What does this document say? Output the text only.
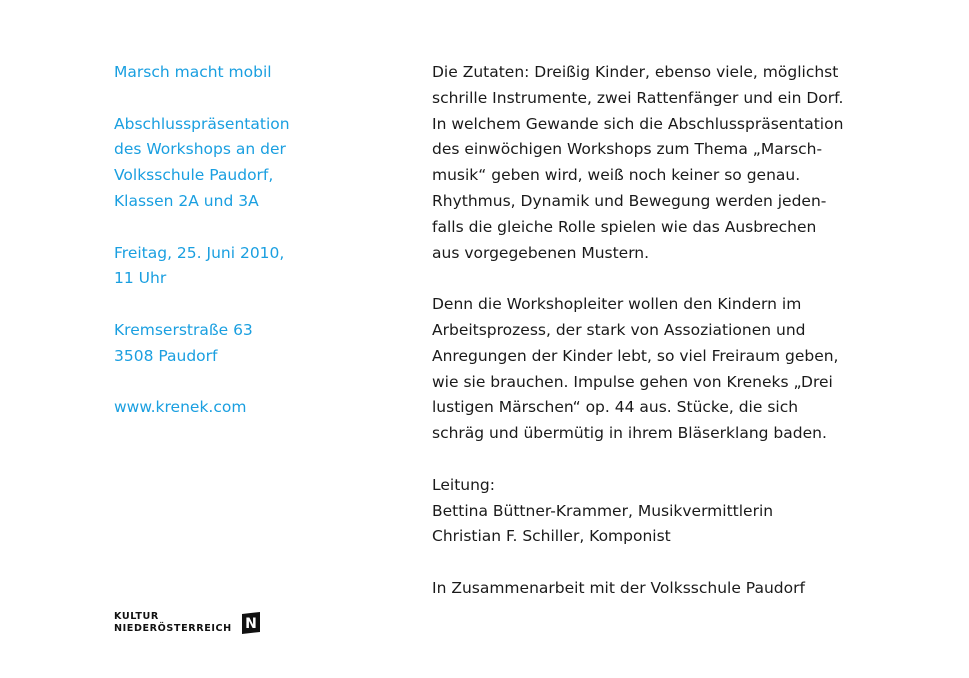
Marsch macht mobil
Abschlusspräsentation
des Workshops an der
Volksschule Paudorf,
Klassen 2A und 3A
Freitag, 25. Juni 2010,
11 Uhr
Kremserstraße 63
3508 Paudorf
www.krenek.com
Die Zutaten: Dreißig Kinder, ebenso viele, möglichst
schrille Instrumente, zwei Rattenfänger und ein Dorf.
In welchem Gewande sich die Abschlusspräsentation
des einwöchigen Workshops zum Thema „Marsch-
musik“ geben wird, weiß noch keiner so genau.
Rhythmus, Dynamik und Bewegung werden jeden-
falls die gleiche Rolle spielen wie das Ausbrechen
aus vorgegebenen Mustern.
Denn die Workshopleiter wollen den Kindern im
Arbeitsprozess, der stark von Assoziationen und
Anregungen der Kinder lebt, so viel Freiraum geben,
wie sie brauchen. Impulse gehen von Kreneks „Drei
lustigen Märschen“ op. 44 aus. Stücke, die sich
schräg und übermütig in ihrem Bläserklang baden.
Leitung:
Bettina Büttner-Krammer, Musikvermittlerin
Christian F. Schiller, Komponist
In Zusammenarbeit mit der Volksschule Paudorf
KULTUR
NIEDERÖSTERREICH N
